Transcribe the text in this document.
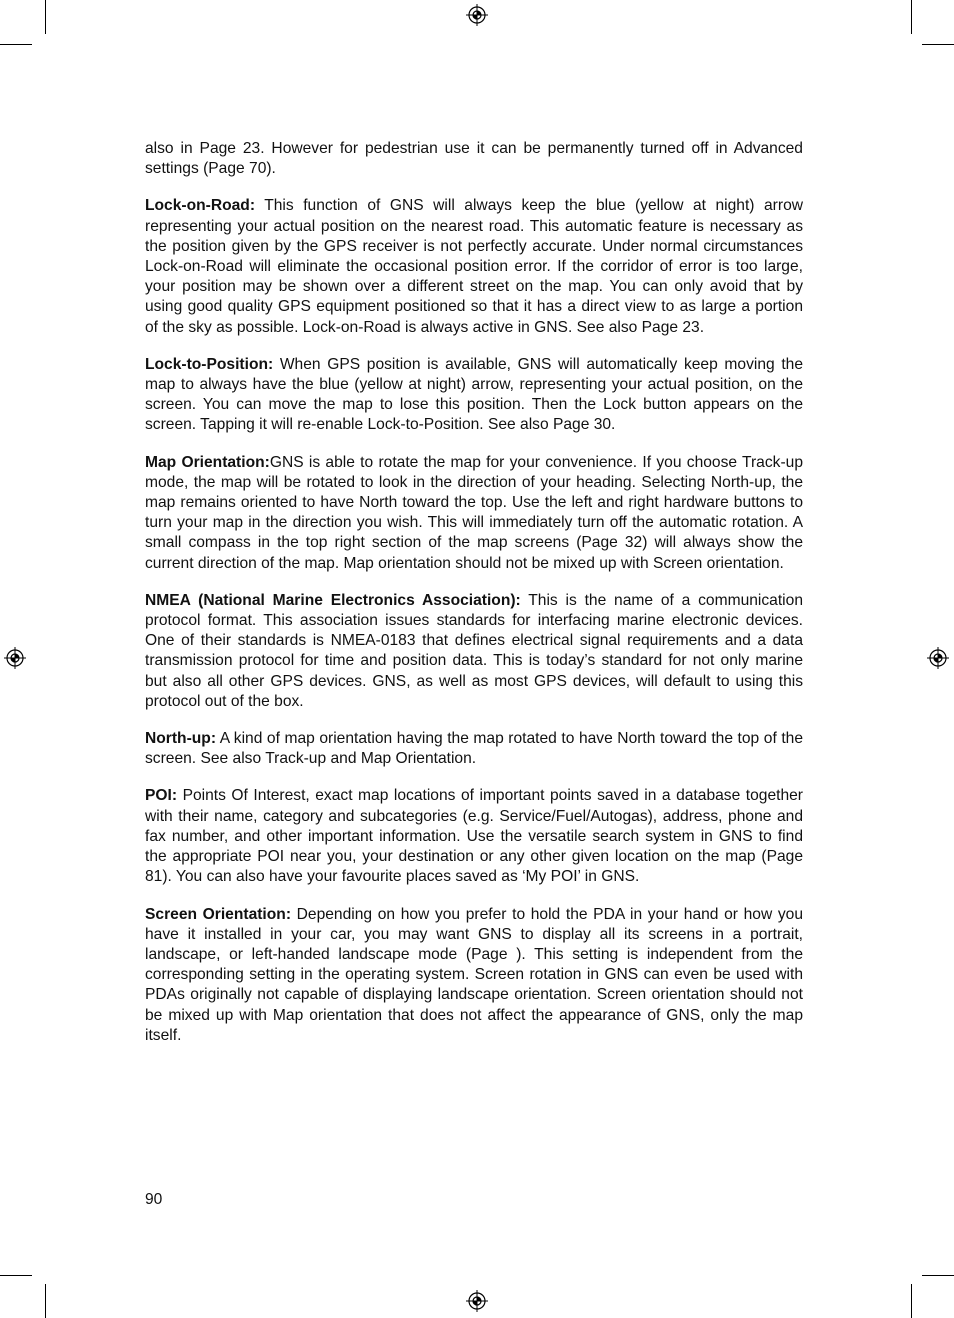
also in Page 23. However for pedestrian use it can be permanently turned off in Advanced settings (Page 70).

Lock-on-Road: This function of GNS will always keep the blue (yellow at night) arrow representing your actual position on the nearest road. This automatic feature is necessary as the position given by the GPS receiver is not perfectly accurate. Under normal circumstances Lock-on-Road will eliminate the occasional position error. If the corridor of error is too large, your position may be shown over a different street on the map. You can only avoid that by using good quality GPS equipment positioned so that it has a direct view to as large a portion of the sky as possible. Lock-on-Road is always active in GNS. See also Page 23.

Lock-to-Position: When GPS position is available, GNS will automatically keep moving the map to always have the blue (yellow at night) arrow, representing your actual position, on the screen. You can move the map to lose this position. Then the Lock button appears on the screen. Tapping it will re-enable Lock-to-Position. See also Page 30.

Map Orientation:GNS is able to rotate the map for your convenience. If you choose Track-up mode, the map will be rotated to look in the direction of your heading. Selecting North-up, the map remains oriented to have North toward the top. Use the left and right hardware buttons to turn your map in the direction you wish. This will immediately turn off the automatic rotation. A small compass in the top right section of the map screens (Page 32) will always show the current direction of the map. Map orientation should not be mixed up with Screen orientation.

NMEA (National Marine Electronics Association): This is the name of a communication protocol format. This association issues standards for interfacing marine electronic devices. One of their standards is NMEA-0183 that defines electrical signal requirements and a data transmission protocol for time and position data. This is today’s standard for not only marine but also all other GPS devices. GNS, as well as most GPS devices, will default to using this protocol out of the box.

North-up: A kind of map orientation having the map rotated to have North toward the top of the screen. See also Track-up and Map Orientation.

POI: Points Of Interest, exact map locations of important points saved in a database together with their name, category and subcategories (e.g. Service/Fuel/Autogas), address, phone and fax number, and other important information. Use the versatile search system in GNS to find the appropriate POI near you, your destination or any other given location on the map (Page 81). You can also have your favourite places saved as ‘My POI’ in GNS.

Screen Orientation: Depending on how you prefer to hold the PDA in your hand or how you have it installed in your car, you may want GNS to display all its screens in a portrait, landscape, or left-handed landscape mode (Page ). This setting is independent from the corresponding setting in the operating system. Screen rotation in GNS can even be used with PDAs originally not capable of displaying landscape orientation. Screen orientation should not be mixed up with Map orientation that does not affect the appearance of GNS, only the map itself.

90
